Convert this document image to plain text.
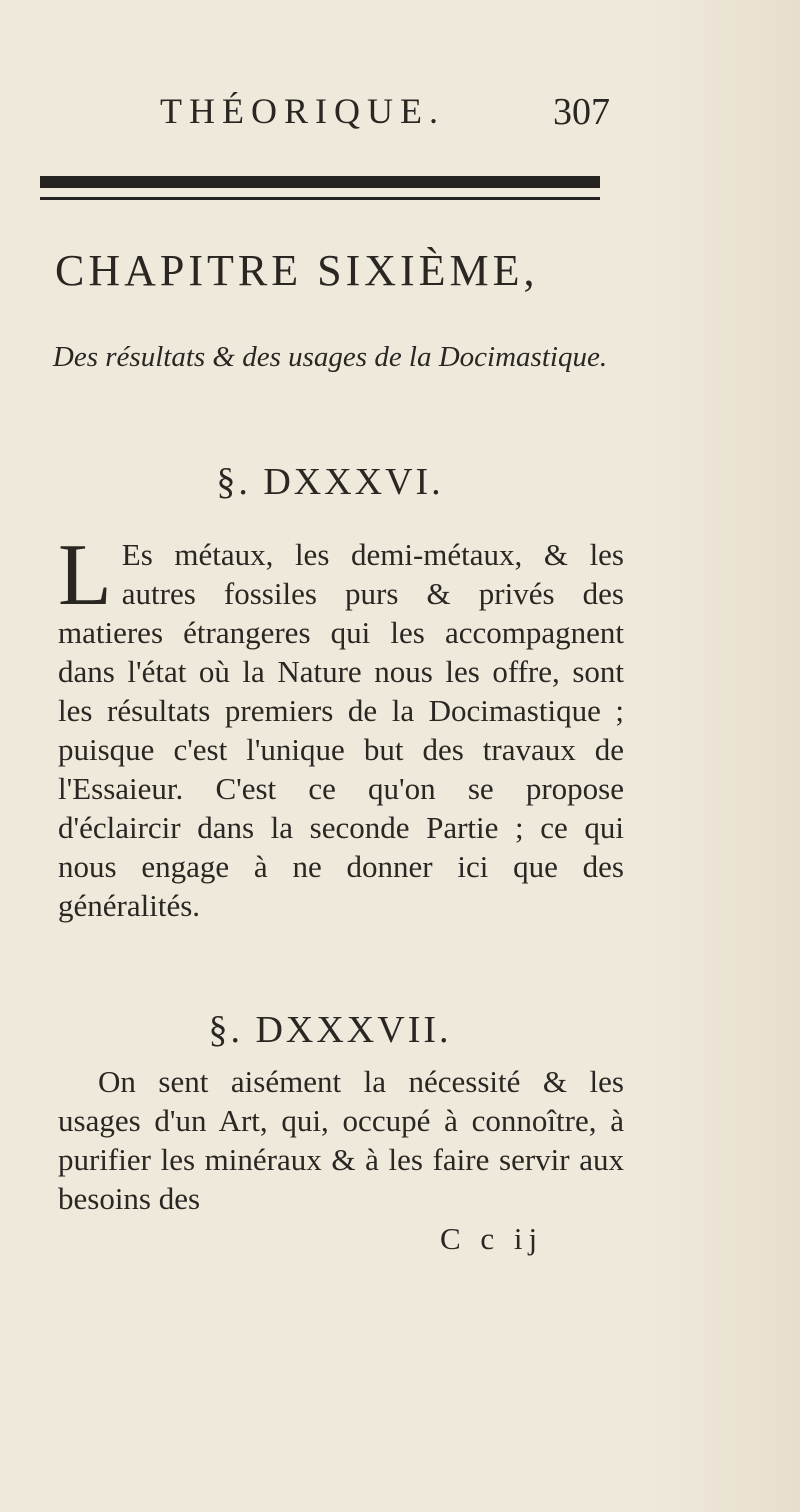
THÉORIQUE.	307
CHAPITRE SIXIÈME,
Des résultats & des usages de la Docimastique.
§. DXXXVI.
L Es métaux, les demi-métaux, & les autres fossiles purs & privés des matieres étrangeres qui les accompagnent dans l'état où la Nature nous les offre, sont les résultats premiers de la Docimastique ; puisque c'est l'unique but des travaux de l'Essaieur. C'est ce qu'on se propose d'éclaircir dans la seconde Partie ; ce qui nous engage à ne donner ici que des généralités.
§. DXXXVII.
On sent aisément la nécessité & les usages d'un Art, qui, occupé à connoître, à purifier les minéraux & à les faire servir aux besoins des
C c ij
